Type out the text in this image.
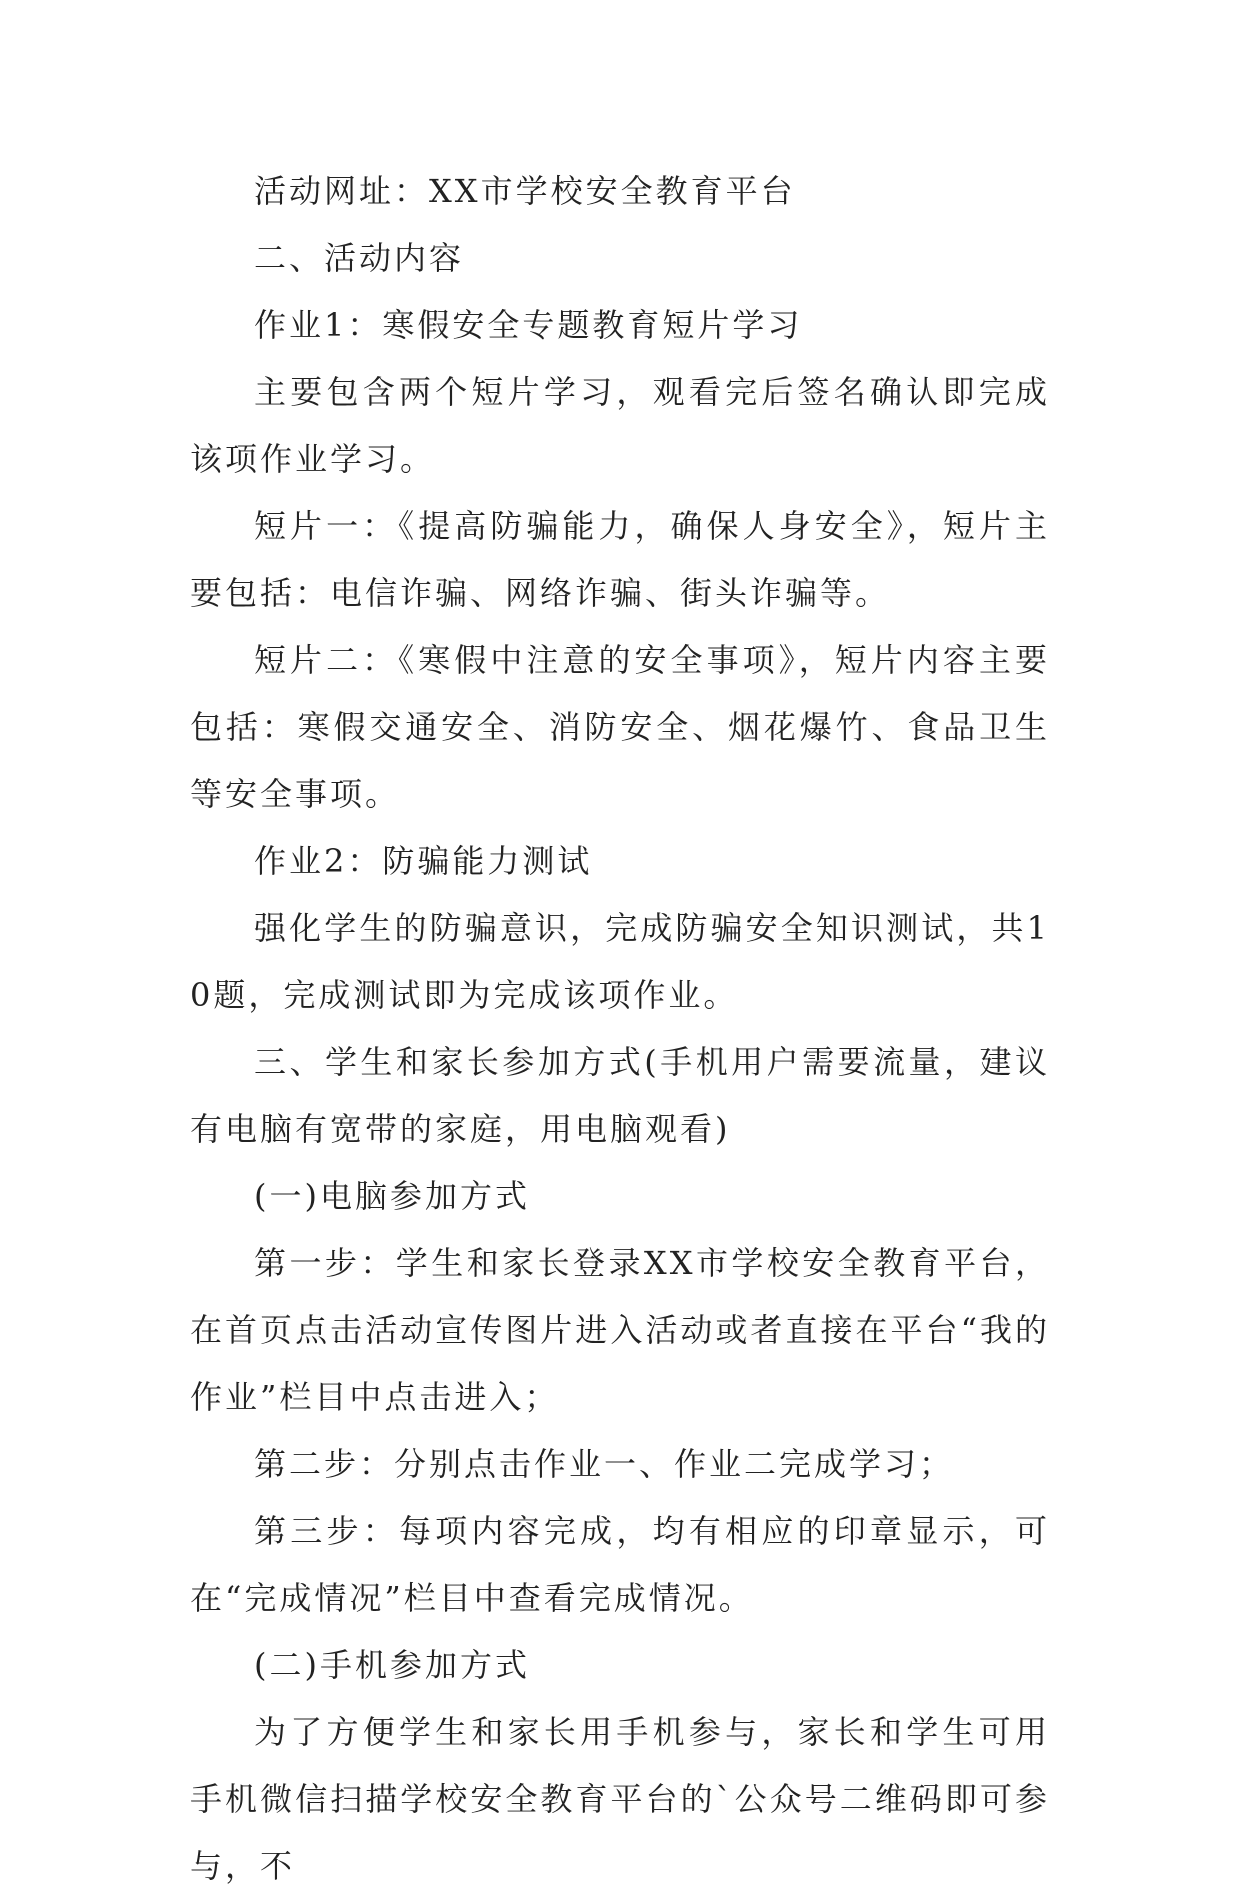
活动网址：XX市学校安全教育平台

二、活动内容

作业1：寒假安全专题教育短片学习

主要包含两个短片学习，观看完后签名确认即完成该项作业学习。

短片一：《提高防骗能力，确保人身安全》，短片主要包括：电信诈骗、网络诈骗、街头诈骗等。

短片二：《寒假中注意的安全事项》，短片内容主要包括：寒假交通安全、消防安全、烟花爆竹、食品卫生等安全事项。

作业2：防骗能力测试

强化学生的防骗意识，完成防骗安全知识测试，共10题，完成测试即为完成该项作业。

三、学生和家长参加方式(手机用户需要流量，建议有电脑有宽带的家庭，用电脑观看)

(一)电脑参加方式

第一步：学生和家长登录XX市学校安全教育平台，在首页点击活动宣传图片进入活动或者直接在平台“我的作业”栏目中点击进入；

第二步：分别点击作业一、作业二完成学习；

第三步：每项内容完成，均有相应的印章显示，可在“完成情况”栏目中查看完成情况。

(二)手机参加方式

为了方便学生和家长用手机参与，家长和学生可用手机微信扫描学校安全教育平台的`公众号二维码即可参与，不
